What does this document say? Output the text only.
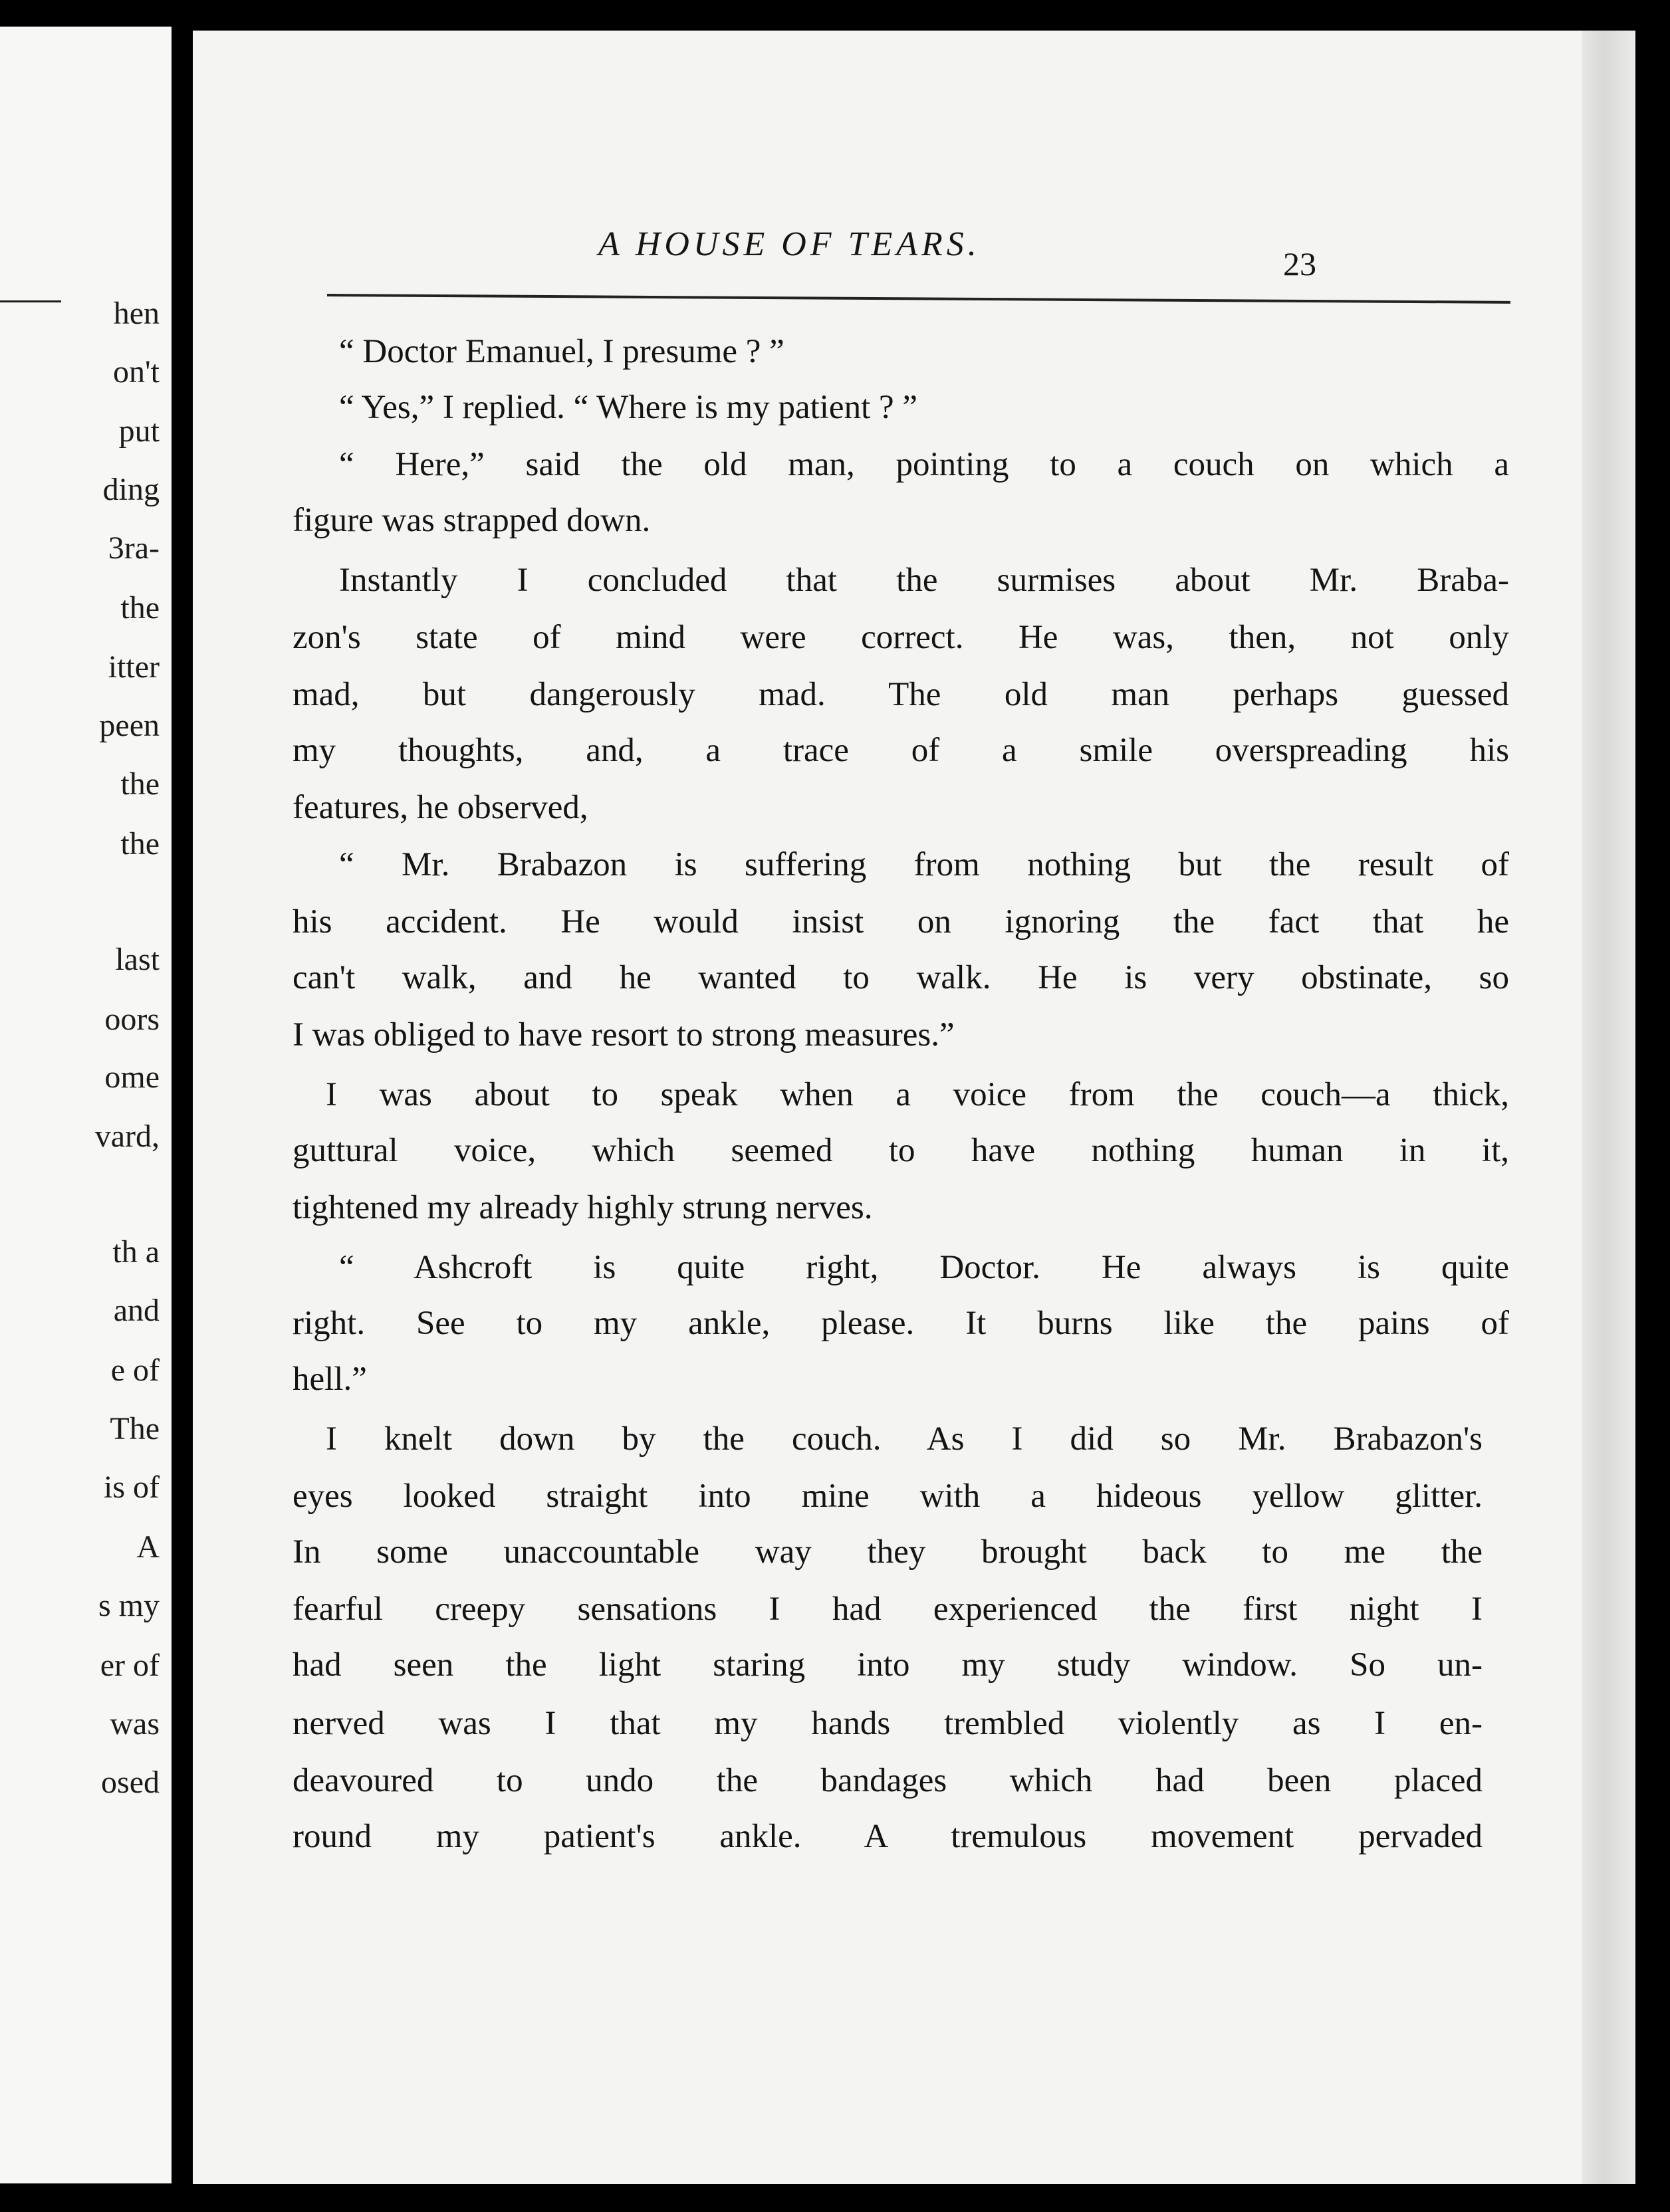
hen
on't
put
ding
3ra-
the
itter
peen
the
the
last
oors
ome
vard,
th a
and
e of
The
is of
A
s my
er of
was
osed
A HOUSE OF TEARS.
23
“ Doctor Emanuel, I presume ? ”
“ Yes,” I replied. “ Where is my patient ? ”
“ Here,” said the old man, pointing to a couch on which a
figure was strapped down.
Instantly I concluded that the surmises about Mr. Braba-
zon's state of mind were correct. He was, then, not only
mad, but dangerously mad. The old man perhaps guessed
my thoughts, and, a trace of a smile overspreading his
features, he observed,
“ Mr. Brabazon is suffering from nothing but the result of
his accident. He would insist on ignoring the fact that he
can't walk, and he wanted to walk. He is very obstinate, so
I was obliged to have resort to strong measures.”
I was about to speak when a voice from the couch—a thick,
guttural voice, which seemed to have nothing human in it,
tightened my already highly strung nerves.
“ Ashcroft is quite right, Doctor. He always is quite
right. See to my ankle, please. It burns like the pains of
hell.”
I knelt down by the couch. As I did so Mr. Brabazon's
eyes looked straight into mine with a hideous yellow glitter.
In some unaccountable way they brought back to me the
fearful creepy sensations I had experienced the first night I
had seen the light staring into my study window. So un-
nerved was I that my hands trembled violently as I en-
deavoured to undo the bandages which had been placed
round my patient's ankle. A tremulous movement pervaded
